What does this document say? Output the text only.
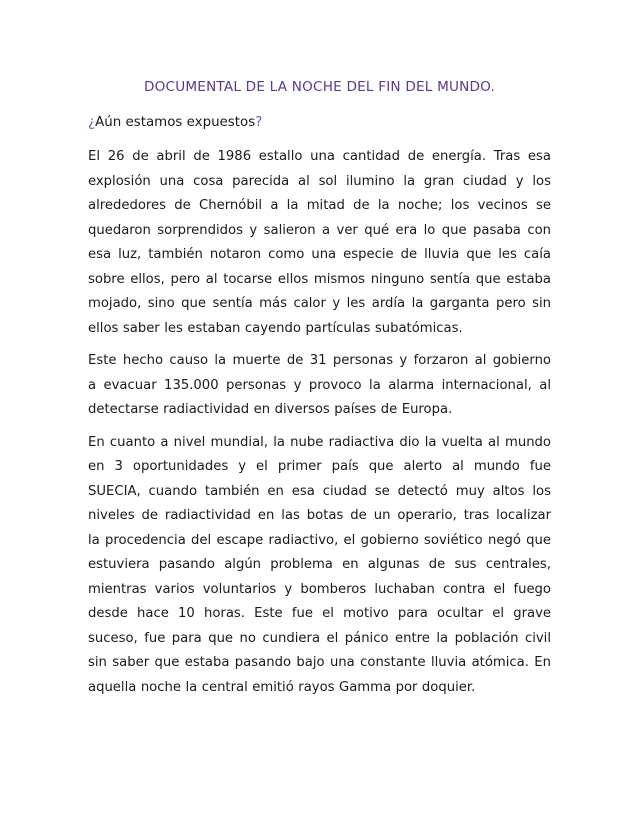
DOCUMENTAL DE LA NOCHE DEL FIN DEL MUNDO.

¿Aún estamos expuestos?

El 26 de abril de 1986 estallo una cantidad de energía. Tras esa
explosión una cosa parecida al sol ilumino la gran ciudad y los
alrededores de Chernóbil a la mitad de la noche; los vecinos se
quedaron sorprendidos y salieron a ver qué era lo que pasaba con
esa luz, también notaron como una especie de lluvia que les caía
sobre ellos, pero al tocarse ellos mismos ninguno sentía que estaba
mojado, sino que sentía más calor y les ardía la garganta pero sin
ellos saber les estaban cayendo partículas subatómicas.

Este hecho causo la muerte de 31 personas y forzaron al gobierno
a evacuar 135.000 personas y provoco la alarma internacional, al
detectarse radiactividad en diversos países de Europa.

En cuanto a nivel mundial, la nube radiactiva dio la vuelta al mundo
en 3 oportunidades y el primer país que alerto al mundo fue
SUECIA, cuando también en esa ciudad se detectó muy altos los
niveles de radiactividad en las botas de un operario, tras localizar
la procedencia del escape radiactivo, el gobierno soviético negó que
estuviera pasando algún problema en algunas de sus centrales,
mientras varios voluntarios y bomberos luchaban contra el fuego
desde hace 10 horas. Este fue el motivo para ocultar el grave
suceso, fue para que no cundiera el pánico entre la población civil
sin saber que estaba pasando bajo una constante lluvia atómica. En
aquella noche la central emitió rayos Gamma por doquier.
